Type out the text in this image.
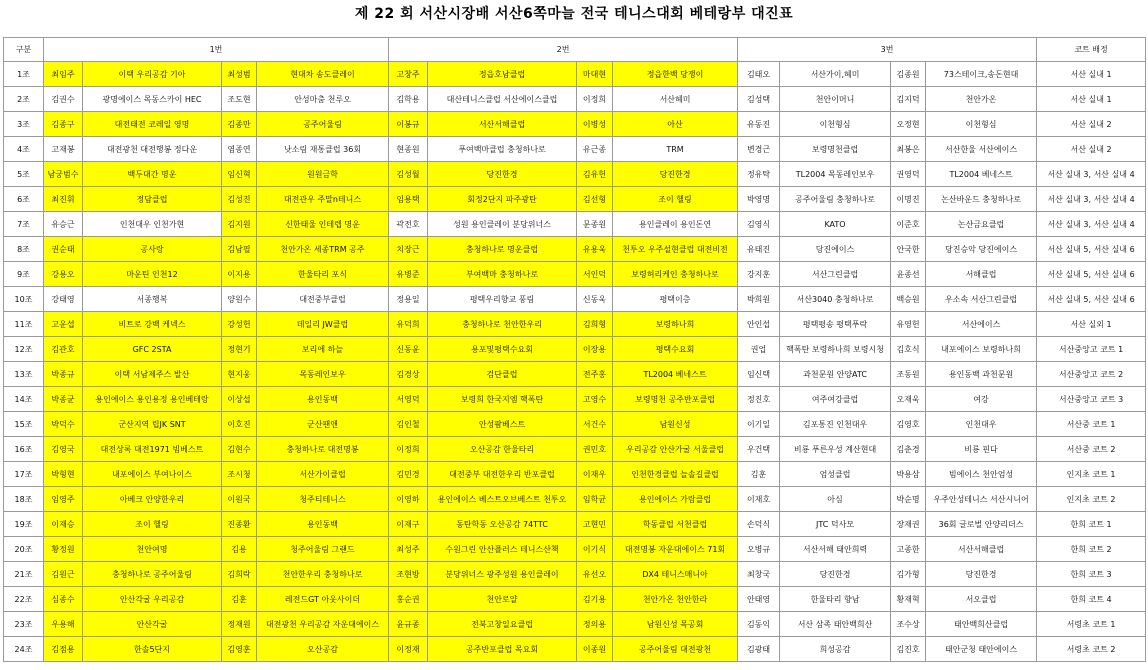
제 22 회 서산시장배 서산6쪽마늘 전국 테니스대회 베테랑부 대진표
구분	1번				2번				3번				코트 배정
1조	최임주	이택 우리공감 기아	최성범	현대차 송도클레이	고창주	정읍호남클럽	마대현	정읍한백 당쟁이	김태오	서산가이,헤미	김종원	73스테이크,송돈현대	서산 실내 1
2조	김권수	광명에이스 목동스카이 HEC	조도현	안성마춤 천루오	김학용	대산테니스클럽 서산에이스클럽	이정희	서산헤미	김성택	천안이머니	김지덕	천안가온	서산 실내 1
3조	김종구	대전태전 코레일 영명	김종만	공주어울림	이봉규	서산서해클럽	이병성	아산	유동진	이천형심	오정현	이천형심	서산 실내 2
4조	고재봉	대전광천 대전행봉 정다운	염종연	낫소림 재통클럽 36회	현종원	푸여백마클럽 충청하나로	유근종	TRM	변경근	보령명천클럽	최봉은	서산한울 서산에이스	서산 실내 2
5조	남궁범수	백두대간 명운	임신혁	원원금학	김성월	당진한경	김유헌	당진한경	정유탁	TL2004 목동레인보우	권영덕	TL2004 베네스트	서산 실내 3, 서산 실내 4
6조	최진휘	정담클럽	김성진	대전관우 주말n테니스	임용택	회정2단지 파주광탄	김선형	조이 헬링	박영명	공주어울림 충청하나로	이명진	논산바운드 충청하나로	서산 실내 3, 서산 실내 4
7조	유승근	인천대우 인천가현	김지원	신한태울 인테렙 명운	곽전호	성원 용인클레이 분당위너스	문종원	용인클레이 용인돈연	김영식	KATO	이준호	논산금요클럽	서산 실내 3, 서산 실내 4
8조	권순태	공사랑	김남필	천안가온 세종TRM 공주	치장근	충청하나로 명운클럽	유용욱	천투오 우주설현클럽 대전비전	유태진	당진에이스	안국한	당진승악 당진에이스	서산 실내 5, 서산 실내 6
9조	강용오	마운틴 인천12	이지용	한울타리 포식	유병준	부여백마 충청하나로	서인덕	보령허리케인 충청하나로	강지훈	서산그린클럽	윤종선	서해클럽	서산 실내 5, 서산 실내 6
10조	강태영	서종행복	양원수	대전중부클럽	정용일	평택우리향교 풍림	신동욱	평택이층	박희원	서산3040 충청하나로	백승원	우소속 서산그린클럽	서산 실내 5, 서산 실내 6
11조	고운섭	비트로 강백 케넥스	강성헌	데일리 JW클럽	유덕희	충청하나로 천안한우리	김희형	보령하나희	안인섭	평택평송 평택푸락	유영헌	서산에이스	서산 실외 1
12조	김관호	GFC 2STA	정현기	보리에 하늘	신동윤	용포및평택수요회	이장용	평택수요회	권업	핵폭탄 보령하나희 보령시청	김호식	내포에이스 보령하나희	서산중앙고 코트 1
13조	박종규	이택 서남제주스 발산	현지웅	목동레인보우	김경상	검단클럽	전주홍	TL2004 베네스트	임신택	과천문원 안양ATC	조동원	용인동백 과천문원	서산중앙고 코트 2
14조	박종균	용인에이스 용인용정 용인베테랑	이상섭	용인동백	서영덕	보령희 한국지엠 핵폭탄	고영수	보령명천 공주반포클럽	정진호	여주여강클럽	오재욱	여강	서산중앙고 코트 3
15조	박덕수	군산지역 립JK SNT	이호진	군산팬앤	김인철	안성팜베스트	서건수	남원신성	이기일	김포통진 인천대우	김영호	인천대우	서산중 코트 1
16조	김영국	대전상록 대전1971 빔베스트	김현수	충청하나로 대전명봉	이정희	오산공감 한울타리	권민호	우리공감 안산가굴 서울클럽	우건택	비룡 푸른우성 계산현대	김춘경	비룡 핀다	서산중 코트 2
17조	박형현	내포에이스 부여나이스	조시청	서산가이클럽	김민경	대전중부 대전한우리 반포클럽	이재우	인천한경클럽 늘솔길클럽	김훈	엄성클럽	박용삼	빔에이스 천안엄성	인지초 코트 1
18조	임영주	아베크 안양한우리	이원국	청주티테니스	이영하	용인에이스 베스트오브베스트 천투오	임학균	용인에이스 가람클럽	이재호	아심	박순명	우주안성테니스 서산시니어	인지초 코트 2
19조	이재승	조이 헬링	진종환	용인동백	이재구	동탄학동 오산공감 74TTC	고현민	학동클럽 서천클럽	손덕식	JTC 덕사모	장재권	36회 글로벌 안양리더스	한희 코트 1
20조	황정원	천안여명	김용	청주어울림 그랜드	최성주	수원그린 안산플러스 테니스산책	이기식	대전명봉 자운대에이스 71회	오병규	서산서해 태안희력	고종한	서산서해클럽	한희 코트 2
21조	김원근	충청하나로 공주어울림	김희락	천안한우리 충청하나로	조현방	분당위너스 광주성원 용인클레이	유선오	DX4 테니스매니아	최창국	당진한경	김가형	당진한경	한희 코트 3
22조	심종수	안산각굴 우리공감	김훈	레전드GT 아웃사이더	홍순권	천안로얄	김기용	천안가온 천안한라	안태영	한울타리 향남	황재혁	서오클럽	한희 코트 4
23조	우용해	안산각굴	정재원	대전광천 우리공감 자운대에이스	윤규종	전북고창일요클럽	정의용	남원신성 목공회	김동익	서산 삼족 태안백희산	조수상	태안백희산클럽	서령초 코트 1
24조	김점용	한솔5단지	김영훈	오산공감	이정재	공주반포클럽 목요회	이종원	공주어울림 대전광천	김광태	희성공감	김진호	태안군청 태안에이스	서령초 코트 2
